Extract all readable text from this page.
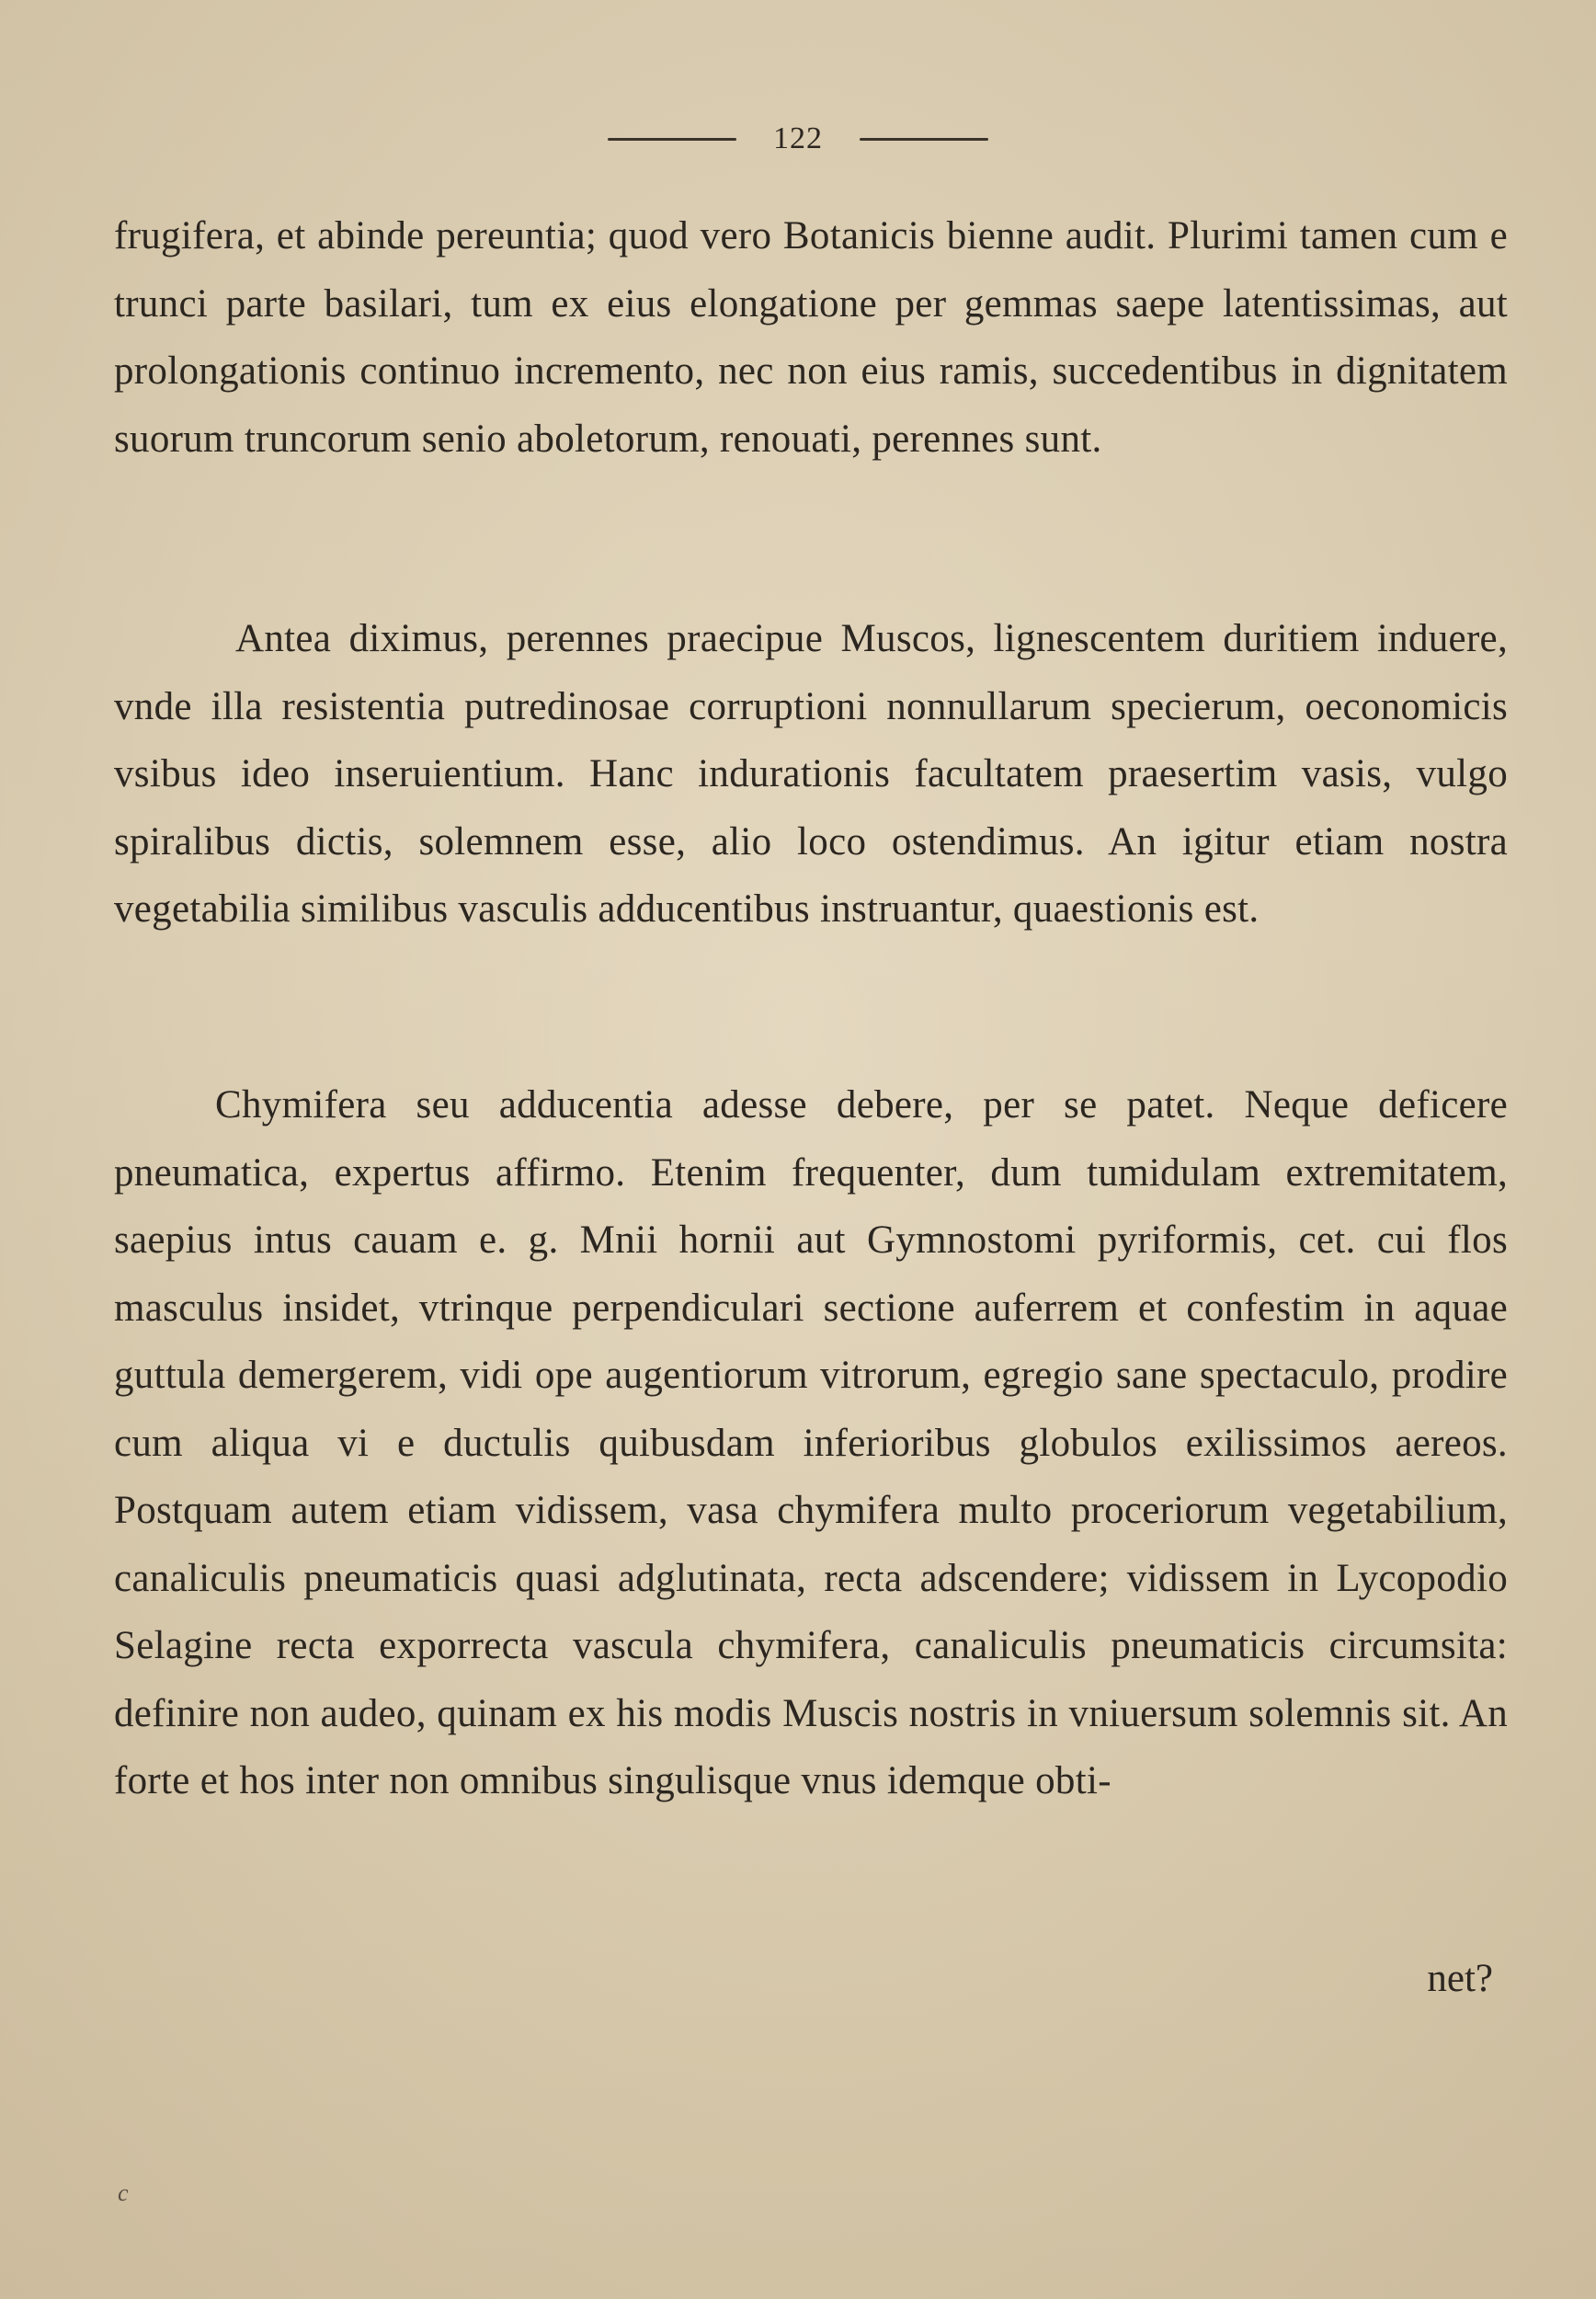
122

frugifera, et abinde pereuntia; quod vero Botanicis bienne audit. Plurimi tamen cum e trunci parte basilari, tum ex eius elongatione per gemmas saepe latentissimas, aut prolongationis continuo incremento, nec non eius ramis, succedentibus in dignitatem suorum truncorum senio aboletorum, renouati, perennes sunt.

Antea diximus, perennes praecipue Muscos, lignescentem duritiem induere, vnde illa resistentia putredinosae corruptioni nonnullarum specierum, oeconomicis vsibus ideo inseruientium. Hanc indurationis facultatem praesertim vasis, vulgo spiralibus dictis, solemnem esse, alio loco ostendimus. An igitur etiam nostra vegetabilia similibus vasculis adducentibus instruantur, quaestionis est.

Chymifera seu adducentia adesse debere, per se patet. Neque deficere pneumatica, expertus affirmo. Etenim frequenter, dum tumidulam extremitatem, saepius intus cauam e. g. Mnii hornii aut Gymnostomi pyriformis, cet. cui flos masculus insidet, vtrinque perpendiculari sectione auferrem et confestim in aquae guttula demergerem, vidi ope augentiorum vitrorum, egregio sane spectaculo, prodire cum aliqua vi e ductulis quibusdam inferioribus globulos exilissimos aereos. Postquam autem etiam vidissem, vasa chymifera multo proceriorum vegetabilium, canaliculis pneumaticis quasi adglutinata, recta adscendere; vidissem in Lycopodio Selagine recta exporrecta vascula chymifera, canaliculis pneumaticis circumsita: definire non audeo, quinam ex his modis Muscis nostris in vniuersum solemnis sit. An forte et hos inter non omnibus singulisque vnus idemque obti-

net?
c
